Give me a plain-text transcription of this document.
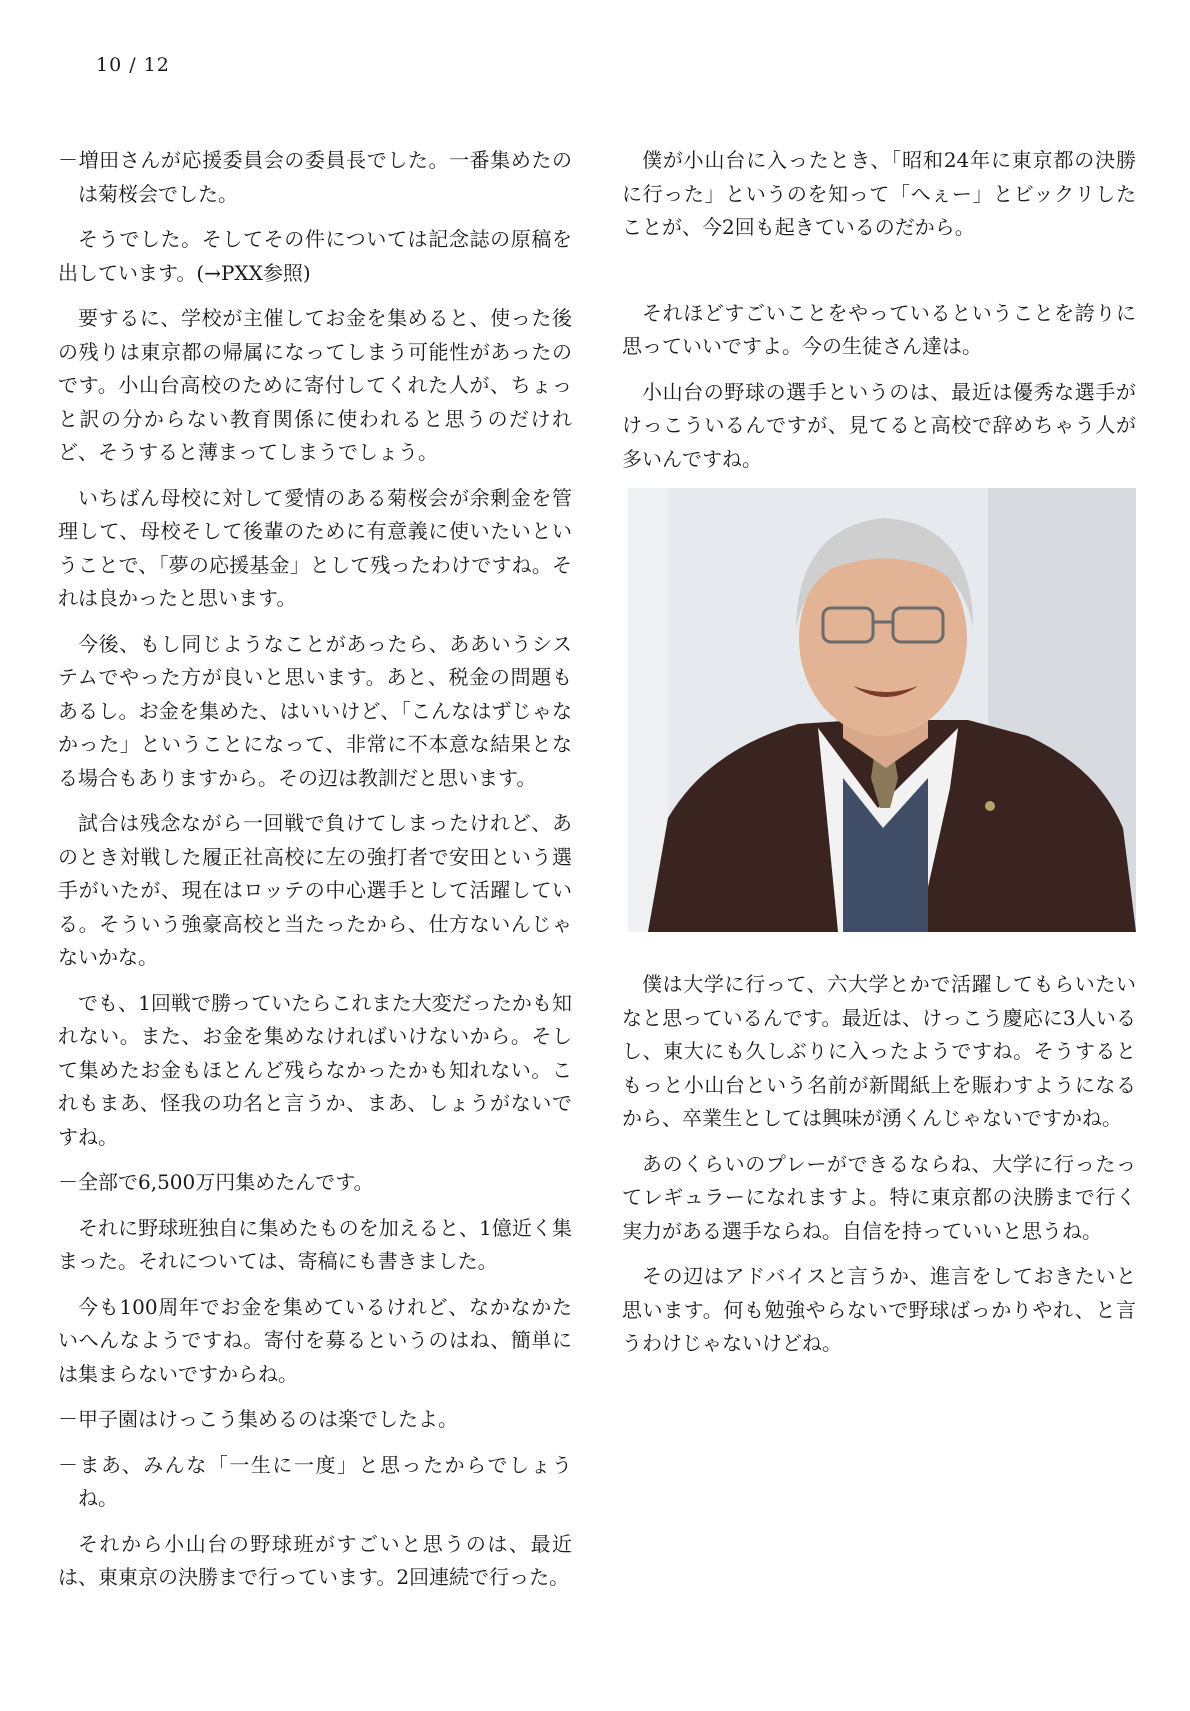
10 / 12

－増田さんが応援委員会の委員長でした。一番集めたのは菊桜会でした。

そうでした。そしてその件については記念誌の原稿を出しています。(→PXX参照)

要するに、学校が主催してお金を集めると、使った後の残りは東京都の帰属になってしまう可能性があったのです。小山台高校のために寄付してくれた人が、ちょっと訳の分からない教育関係に使われると思うのだけれど、そうすると薄まってしまうでしょう。

いちばん母校に対して愛情のある菊桜会が余剰金を管理して、母校そして後輩のために有意義に使いたいということで、「夢の応援基金」として残ったわけですね。それは良かったと思います。

今後、もし同じようなことがあったら、ああいうシステムでやった方が良いと思います。あと、税金の問題もあるし。お金を集めた、はいいけど、「こんなはずじゃなかった」ということになって、非常に不本意な結果となる場合もありますから。その辺は教訓だと思います。

試合は残念ながら一回戦で負けてしまったけれど、あのとき対戦した履正社高校に左の強打者で安田という選手がいたが、現在はロッテの中心選手として活躍している。そういう強豪高校と当たったから、仕方ないんじゃないかな。

でも、1回戦で勝っていたらこれまた大変だったかも知れない。また、お金を集めなければいけないから。そして集めたお金もほとんど残らなかったかも知れない。これもまあ、怪我の功名と言うか、まあ、しょうがないですね。

－全部で6,500万円集めたんです。

それに野球班独自に集めたものを加えると、1億近く集まった。それについては、寄稿にも書きました。

今も100周年でお金を集めているけれど、なかなかたいへんなようですね。寄付を募るというのはね、簡単には集まらないですからね。

－甲子園はけっこう集めるのは楽でしたよ。

－まあ、みんな「一生に一度」と思ったからでしょうね。

それから小山台の野球班がすごいと思うのは、最近は、東東京の決勝まで行っています。2回連続で行った。

僕が小山台に入ったとき、「昭和24年に東京都の決勝に行った」というのを知って「へぇー」とビックリしたことが、今2回も起きているのだから。

それほどすごいことをやっているということを誇りに思っていいですよ。今の生徒さん達は。

小山台の野球の選手というのは、最近は優秀な選手がけっこういるんですが、見てると高校で辞めちゃう人が多いんですね。

僕は大学に行って、六大学とかで活躍してもらいたいなと思っているんです。最近は、けっこう慶応に3人いるし、東大にも久しぶりに入ったようですね。そうするともっと小山台という名前が新聞紙上を賑わすようになるから、卒業生としては興味が湧くんじゃないですかね。

あのくらいのプレーができるならね、大学に行ったってレギュラーになれますよ。特に東京都の決勝まで行く実力がある選手ならね。自信を持っていいと思うね。

その辺はアドバイスと言うか、進言をしておきたいと思います。何も勉強やらないで野球ばっかりやれ、と言うわけじゃないけどね。
